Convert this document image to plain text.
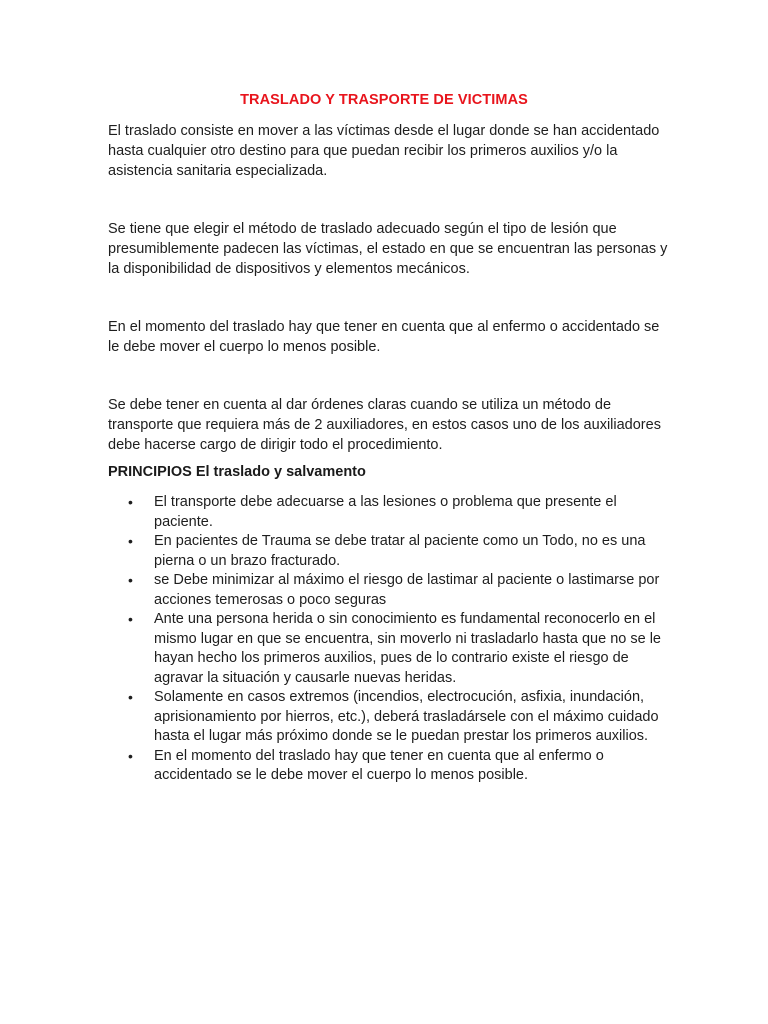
TRASLADO Y TRASPORTE DE VICTIMAS

El traslado consiste en mover a las víctimas desde el lugar donde se han accidentado hasta cualquier otro destino para que puedan recibir los primeros auxilios y/o la asistencia sanitaria especializada.

Se tiene que elegir el método de traslado adecuado según el tipo de lesión que presumiblemente padecen las víctimas, el estado en que se encuentran las personas y la disponibilidad de dispositivos y elementos mecánicos.

En el momento del traslado hay que tener en cuenta que al enfermo o accidentado se le debe mover el cuerpo lo menos posible.

Se debe tener en cuenta al dar órdenes claras cuando se utiliza un método de transporte que requiera más de 2 auxiliadores, en estos casos uno de los auxiliadores debe hacerse cargo de dirigir todo el procedimiento.

PRINCIPIOS El traslado y salvamento
• El transporte debe adecuarse a las lesiones o problema que presente el paciente.
• En pacientes de Trauma se debe tratar al paciente como un Todo, no es una pierna o un brazo fracturado.
• se Debe minimizar al máximo el riesgo de lastimar al paciente o lastimarse por acciones temerosas o poco seguras
• Ante una persona herida o sin conocimiento es fundamental reconocerlo en el mismo lugar en que se encuentra, sin moverlo ni trasladarlo hasta que no se le hayan hecho los primeros auxilios, pues de lo contrario existe el riesgo de agravar la situación y causarle nuevas heridas.
• Solamente en casos extremos (incendios, electrocución, asfixia, inundación, aprisionamiento por hierros, etc.), deberá trasladársele con el máximo cuidado hasta el lugar más próximo donde se le puedan prestar los primeros auxilios.
• En el momento del traslado hay que tener en cuenta que al enfermo o accidentado se le debe mover el cuerpo lo menos posible.
